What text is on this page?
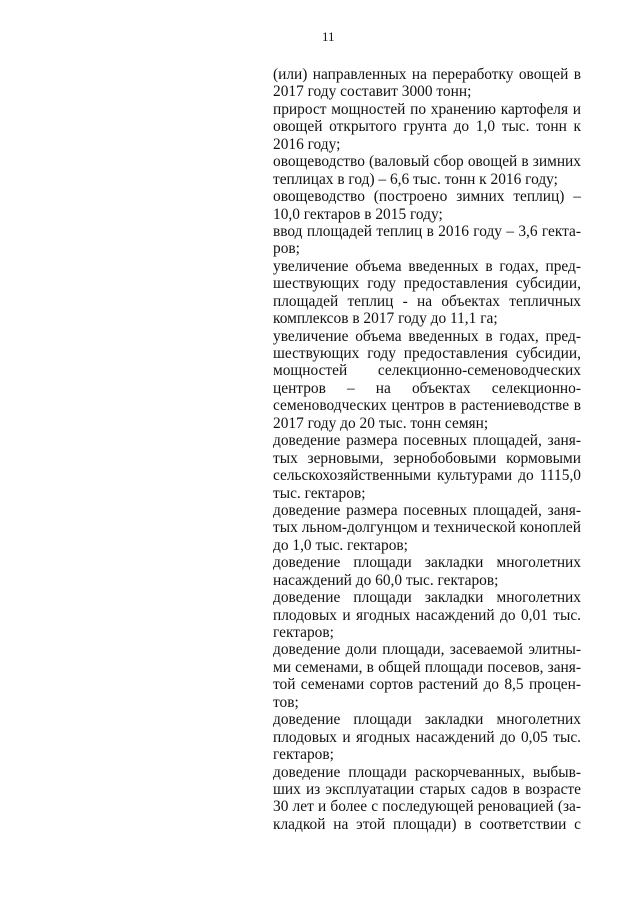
11
(или) направленных на переработку овощей в
2017 году составит 3000 тонн;
прирост мощностей по хранению картофеля и
овощей открытого грунта до 1,0 тыс. тонн к
2016 году;
овощеводство (валовый сбор овощей в зимних
теплицах в год) – 6,6 тыс. тонн к 2016 году;
овощеводство (построено зимних теплиц) –
10,0 гектаров в 2015 году;
ввод площадей теплиц в 2016 году – 3,6 гекта-
ров;
увеличение объема введенных в годах, пред-
шествующих году предоставления субсидии,
площадей теплиц - на объектах тепличных
комплексов в 2017 году до 11,1 га;
увеличение объема введенных в годах, пред-
шествующих году предоставления субсидии,
мощностей селекционно-семеноводческих
центров – на объектах селекционно-
семеноводческих центров в растениеводстве в
2017 году до 20 тыс. тонн семян;
доведение размера посевных площадей, заня-
тых зерновыми, зернобобовыми кормовыми
сельскохозяйственными культурами до 1115,0
тыс. гектаров;
доведение размера посевных площадей, заня-
тых льном-долгунцом и технической коноплей
до 1,0 тыс. гектаров;
доведение площади закладки многолетних
насаждений до 60,0 тыс. гектаров;
доведение площади закладки многолетних
плодовых и ягодных насаждений до 0,01 тыс.
гектаров;
доведение доли площади, засеваемой элитны-
ми семенами, в общей площади посевов, заня-
той семенами сортов растений до 8,5 процен-
тов;
доведение площади закладки многолетних
плодовых и ягодных насаждений до 0,05 тыс.
гектаров;
доведение площади раскорчеванных, выбыв-
ших из эксплуатации старых садов в возрасте
30 лет и более с последующей реновацией (за-
кладкой на этой площади) в соответствии с
